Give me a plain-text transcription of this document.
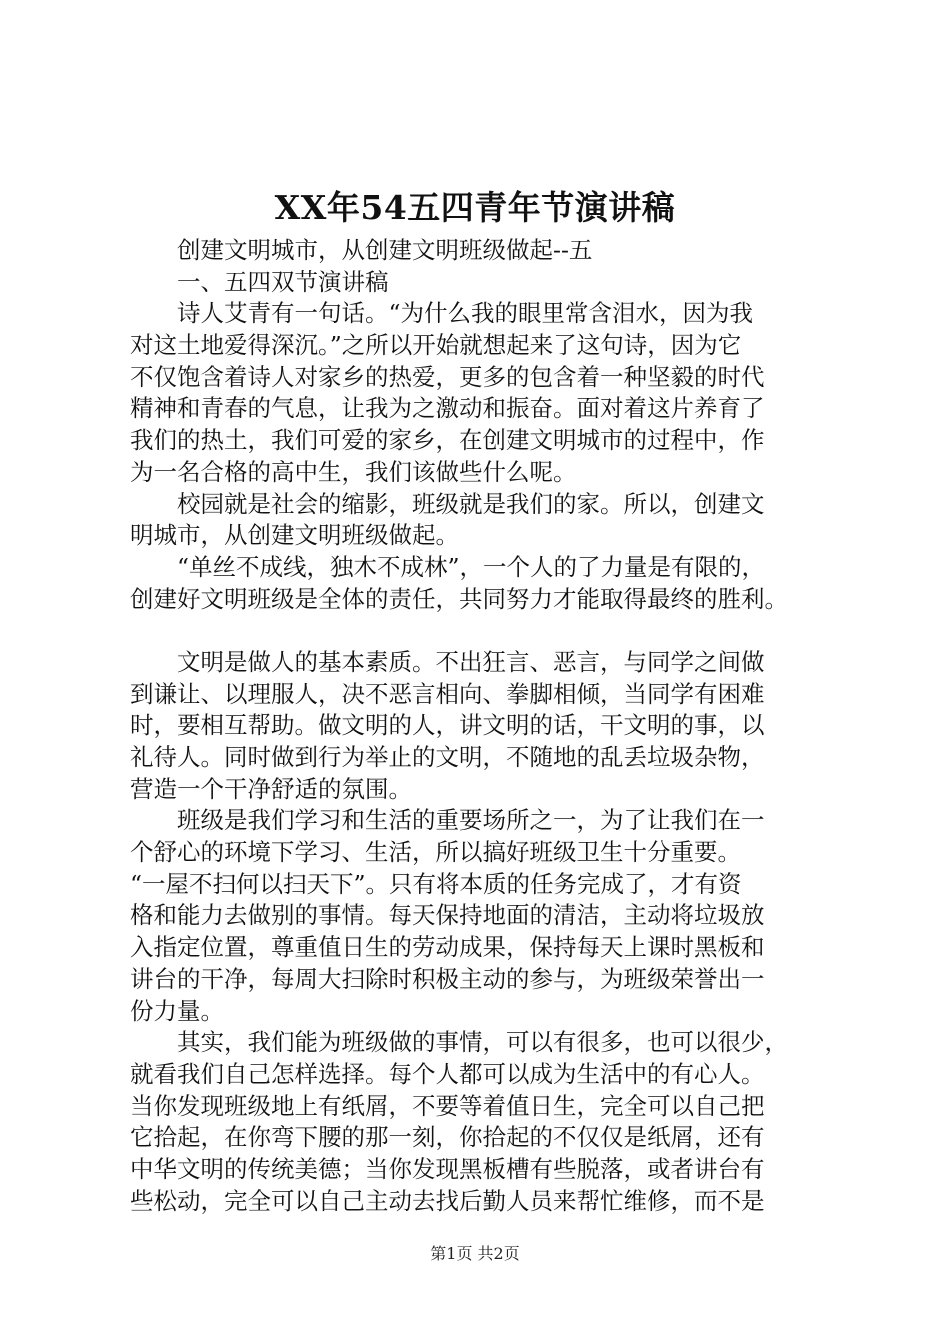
XX年54五四青年节演讲稿
　　创建文明城市，从创建文明班级做起--五
　　一、五四双节演讲稿
　　诗人艾青有一句话。“为什么我的眼里常含泪水，因为我
对这土地爱得深沉。”之所以开始就想起来了这句诗，因为它
不仅饱含着诗人对家乡的热爱，更多的包含着一种坚毅的时代
精神和青春的气息，让我为之激动和振奋。面对着这片养育了
我们的热土，我们可爱的家乡，在创建文明城市的过程中，作
为一名合格的高中生，我们该做些什么呢。
　　校园就是社会的缩影，班级就是我们的家。所以，创建文
明城市，从创建文明班级做起。
　　“单丝不成线，独木不成林”，一个人的了力量是有限的，
创建好文明班级是全体的责任，共同努力才能取得最终的胜利。
　　文明是做人的基本素质。不出狂言、恶言，与同学之间做
到谦让、以理服人，决不恶言相向、拳脚相倾，当同学有困难
时，要相互帮助。做文明的人，讲文明的话，干文明的事，以
礼待人。同时做到行为举止的文明，不随地的乱丢垃圾杂物，
营造一个干净舒适的氛围。
　　班级是我们学习和生活的重要场所之一，为了让我们在一
个舒心的环境下学习、生活，所以搞好班级卫生十分重要。
“一屋不扫何以扫天下”。只有将本质的任务完成了，才有资
格和能力去做别的事情。每天保持地面的清洁，主动将垃圾放
入指定位置，尊重值日生的劳动成果，保持每天上课时黑板和
讲台的干净，每周大扫除时积极主动的参与，为班级荣誉出一
份力量。
　　其实，我们能为班级做的事情，可以有很多，也可以很少，
就看我们自己怎样选择。每个人都可以成为生活中的有心人。
当你发现班级地上有纸屑，不要等着值日生，完全可以自己把
它拾起，在你弯下腰的那一刻，你拾起的不仅仅是纸屑，还有
中华文明的传统美德；当你发现黑板槽有些脱落，或者讲台有
些松动，完全可以自己主动去找后勤人员来帮忙维修，而不是
第1页 共2页
